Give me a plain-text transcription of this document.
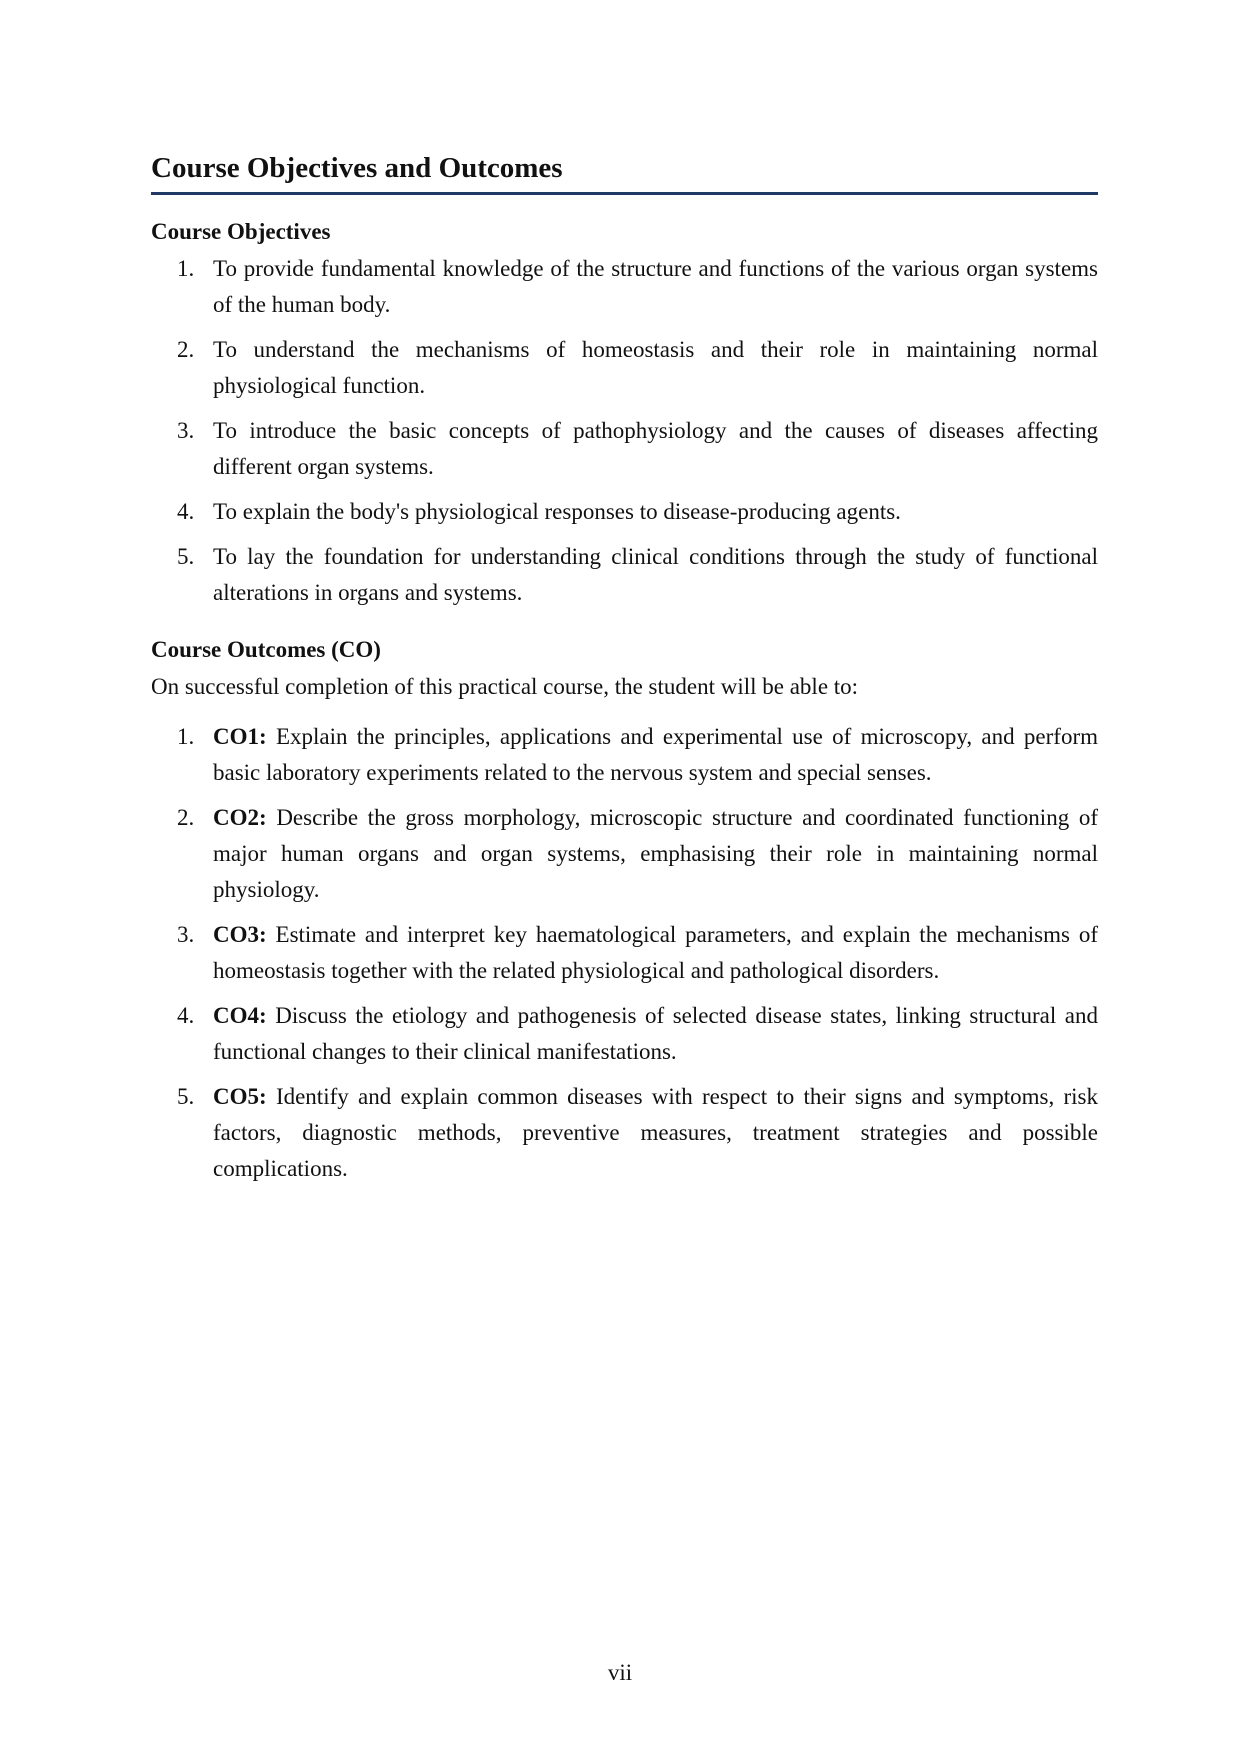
Course Objectives and Outcomes
Course Objectives
1. To provide fundamental knowledge of the structure and functions of the various organ systems of the human body.
2. To understand the mechanisms of homeostasis and their role in maintaining normal physiological function.
3. To introduce the basic concepts of pathophysiology and the causes of diseases affecting different organ systems.
4. To explain the body's physiological responses to disease-producing agents.
5. To lay the foundation for understanding clinical conditions through the study of functional alterations in organs and systems.
Course Outcomes (CO)

On successful completion of this practical course, the student will be able to:

1. CO1: Explain the principles, applications and experimental use of microscopy, and perform basic laboratory experiments related to the nervous system and special senses.
2. CO2: Describe the gross morphology, microscopic structure and coordinated functioning of major human organs and organ systems, emphasising their role in maintaining normal physiology.
3. CO3: Estimate and interpret key haematological parameters, and explain the mechanisms of homeostasis together with the related physiological and pathological disorders.
4. CO4: Discuss the etiology and pathogenesis of selected disease states, linking structural and functional changes to their clinical manifestations.
5. CO5: Identify and explain common diseases with respect to their signs and symptoms, risk factors, diagnostic methods, preventive measures, treatment strategies and possible complications.
vii
